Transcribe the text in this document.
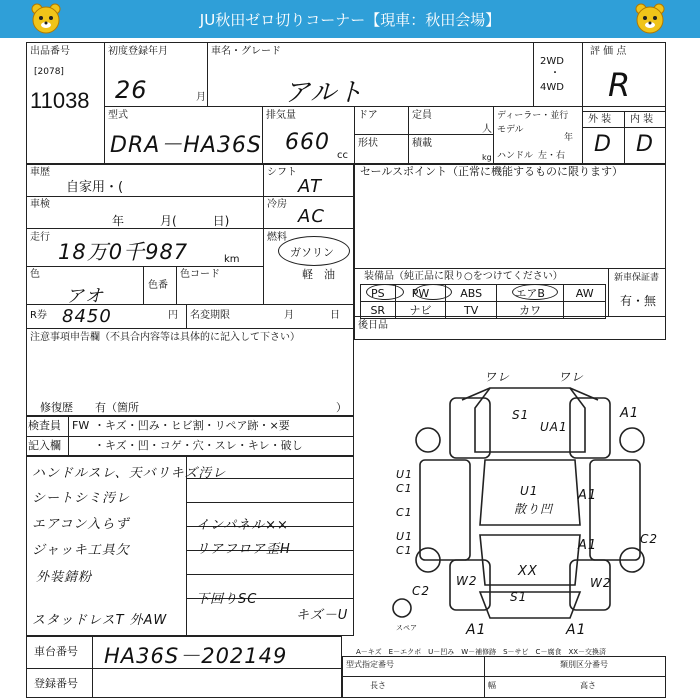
JU秋田ゼロ切りコーナー【現車：秋田会場】
出品番号
[2078]
11038
初度登録年月
26	月
車名・グレード
アルト
2WD
・
4WD
評 価 点
R
外 装 内 装
D D
型式
DRA－HA36S
排気量
660
cc
ドア	定員
人
形状	積載
kg
ディーラー・並行
モデル
年
ハンドル 左・右
車歴
自家用・(
シフト
AT
車検
年　　　月(　　　日)
冷房
AC
走行
18万0千987	km
燃料
ガソリン
軽　油
色
アオ
色番
色コード
R券 8450	円 名変期限	月	日
注意事項申告欄（不具合内容等は具体的に記入して下さい）
修復歴　　有（箇所	）
セールスポイント（正常に機能するものに限ります）
装備品（純正品に限り○をつけてください）	新車保証書
有・無
PS	PW	ABS	エアB	AW
SR	ナビ	TV	カワ	
後日品
検査員 FW ・キズ・凹み・ヒビ割・リペア跡・×要
記入欄	・キズ・凹・コゲ・穴・スレ・キレ・破し
ハンドルスレ、天バリキズ汚レ
シートシミ汚レ
エアコン入らず
ジャッキ工具欠
外装錆粉
スタッドレスT 外AW
インパネル××
リアフロア歪H
下回りSC
キズ－U
車台番号 HA36S－202149
登録番号
A－キズ　E－エクボ　U－凹み　W－補修跡　S－サビ　C－腐食　XX－交換済
型式指定番号	類別区分番号
長さ	幅	高さ
ワレ	ワレ
S1
UA1
A1
U1
C1
C1
U1
散り凹
A1
A1	C2
U1
C1
XX
W2	W2
S1
C2
スペア	A1	A1
